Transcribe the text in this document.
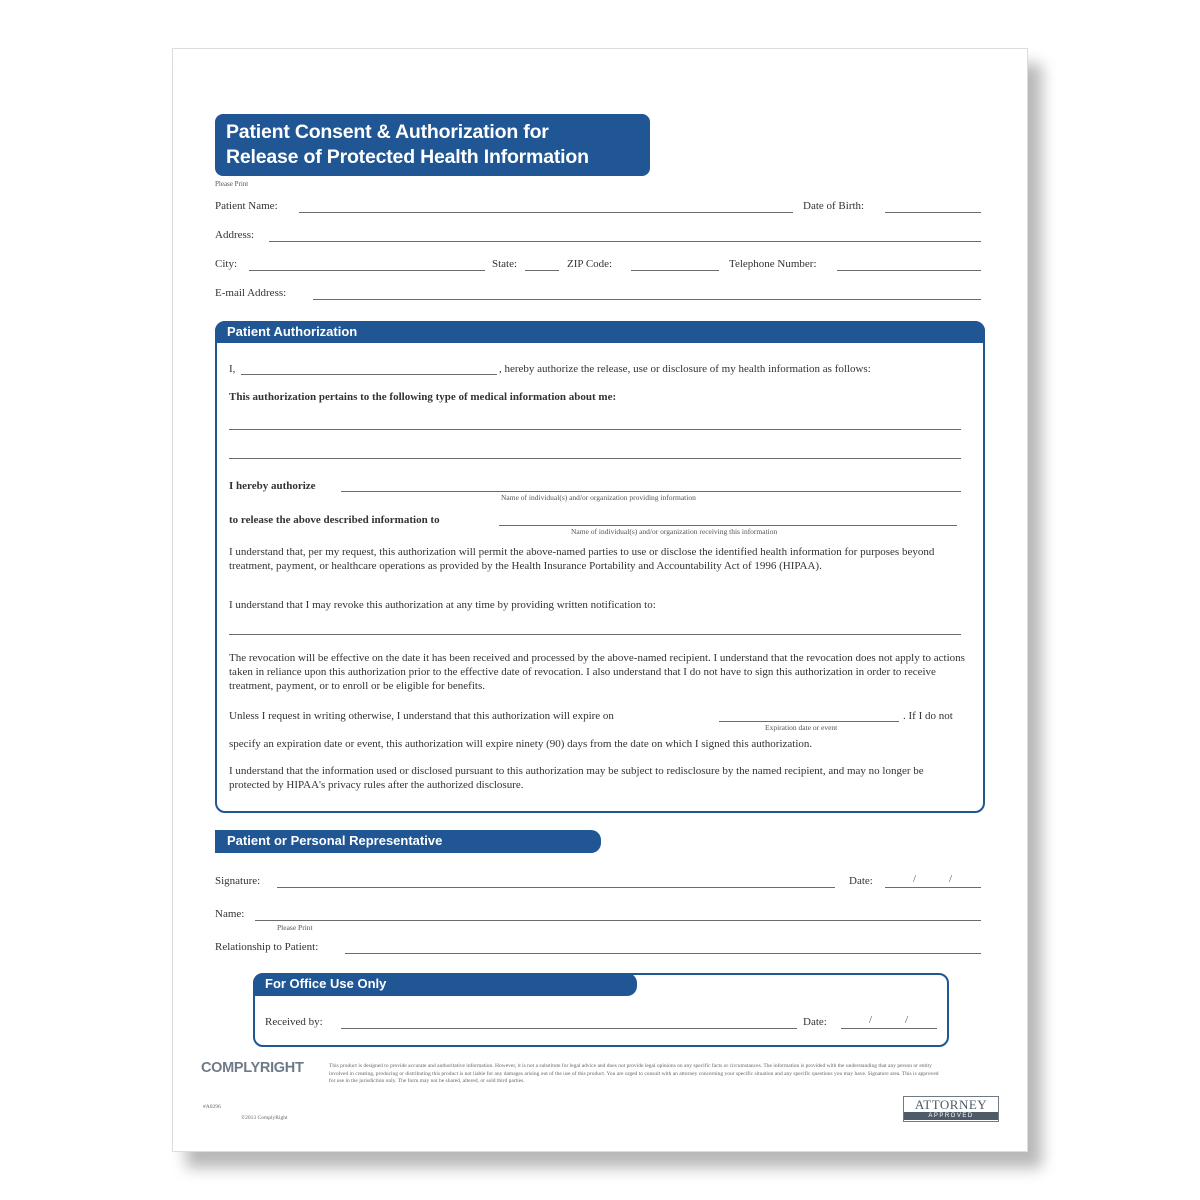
Patient Consent & Authorization for
Release of Protected Health Information
Please Print
Patient Name:	Date of Birth:
Address:
City:	State:	ZIP Code:	Telephone Number:
E-mail Address:
Patient Authorization
I,	, hereby authorize the release, use or disclosure of my health information as follows:
This authorization pertains to the following type of medical information about me:
I hereby authorize
Name of individual(s) and/or organization providing information
to release the above described information to
Name of individual(s) and/or organization receiving this information
I understand that, per my request, this authorization will permit the above-named parties to use or disclose the identified health information for purposes beyond treatment, payment, or healthcare operations as provided by the Health Insurance Portability and Accountability Act of 1996 (HIPAA).
I understand that I may revoke this authorization at any time by providing written notification to:
The revocation will be effective on the date it has been received and processed by the above-named recipient. I understand that the revocation does not apply to actions taken in reliance upon this authorization prior to the effective date of revocation. I also understand that I do not have to sign this authorization in order to receive treatment, payment, or to enroll or be eligible for benefits.
Unless I request in writing otherwise, I understand that this authorization will expire on	. If I do not
Expiration date or event
specify an expiration date or event, this authorization will expire ninety (90) days from the date on which I signed this authorization.
I understand that the information used or disclosed pursuant to this authorization may be subject to redisclosure by the named recipient, and may no longer be protected by HIPAA's privacy rules after the authorized disclosure.
Patient or Personal Representative
Signature:	Date:	/	/
Name:
Please Print
Relationship to Patient:
For Office Use Only
Received by:	Date:	/	/
COMPLYRIGHT
#A0296
©2013 ComplyRight
This product is designed to provide accurate and authoritative information. However, it is not a substitute for legal advice and does not provide legal opinions on any specific facts or circumstances. The information is provided with the understanding that any person or entity involved in creating, producing or distributing this product is not liable for any damages arising out of the use of this product. You are urged to consult with an attorney concerning your specific situation and any specific questions you may have. Signature area. This is approved for use in the jurisdiction only. The form may not be shared, altered, or sold third parties.
ATTORNEY
APPROVED
